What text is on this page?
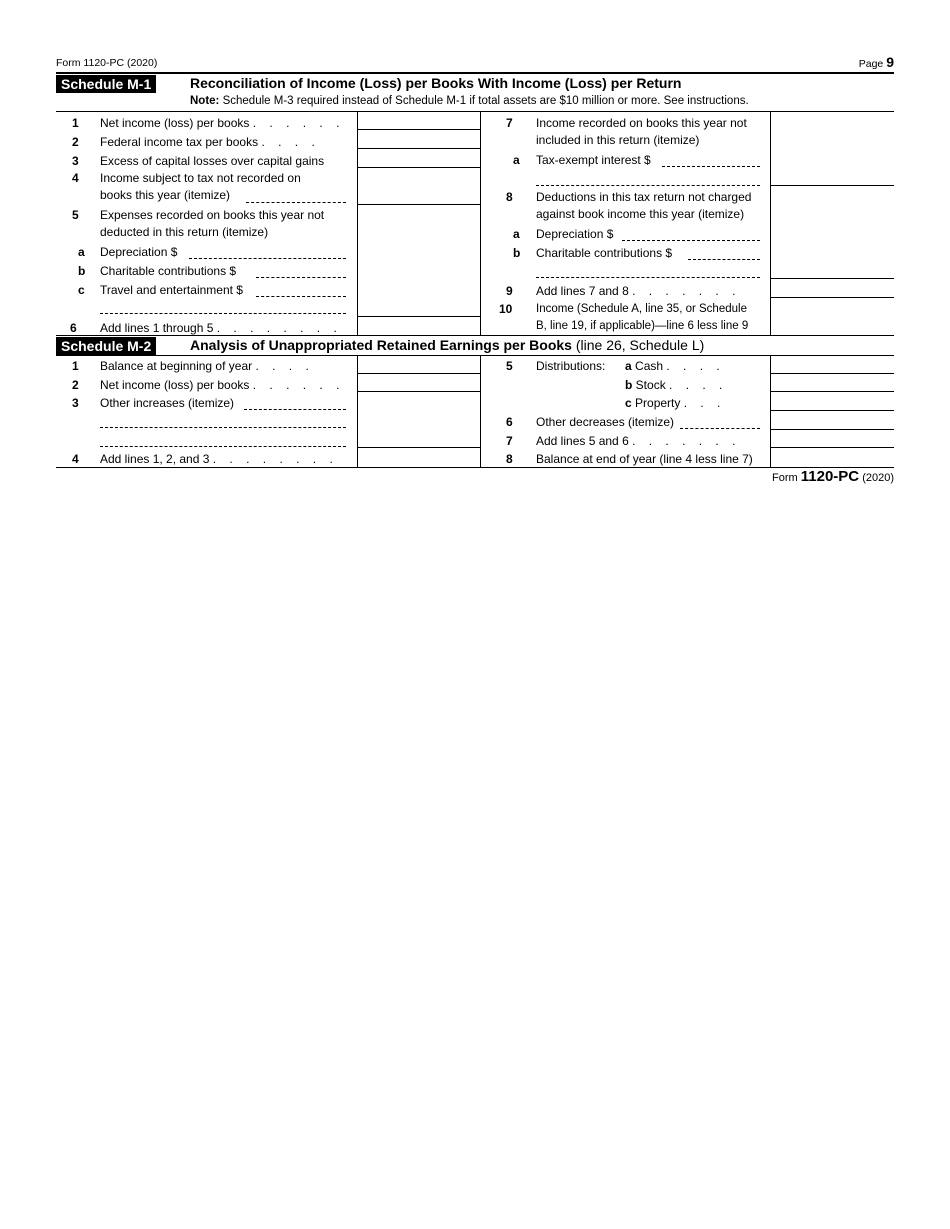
Form 1120-PC (2020)	Page 9
Schedule M-1	Reconciliation of Income (Loss) per Books With Income (Loss) per Return
Note: Schedule M-3 required instead of Schedule M-1 if total assets are $10 million or more. See instructions.
1 Net income (loss) per books . . . . . .
2 Federal income tax per books . . . .
3 Excess of capital losses over capital gains
4 Income subject to tax not recorded on
books this year (itemize)
5 Expenses recorded on books this year not
deducted in this return (itemize)
a Depreciation $
b Charitable contributions $
c Travel and entertainment $
6 Add lines 1 through 5 . . . . . . . .
7 Income recorded on books this year not
included in this return (itemize)
a Tax-exempt interest $
8 Deductions in this tax return not charged
against book income this year (itemize)
a Depreciation $
b Charitable contributions $
9 Add lines 7 and 8 . . . . . . .
10 Income (Schedule A, line 35, or Schedule
B, line 19, if applicable)—line 6 less line 9
Schedule M-2	Analysis of Unappropriated Retained Earnings per Books (line 26, Schedule L)
1 Balance at beginning of year . . . .
2 Net income (loss) per books . . . . . .
3 Other increases (itemize)
4 Add lines 1, 2, and 3 . . . . . . . .
5 Distributions: a Cash . . . .
b Stock . . . .
c Property . . .
6 Other decreases (itemize)
7 Add lines 5 and 6 . . . . . . .
8 Balance at end of year (line 4 less line 7)
Form 1120-PC (2020)
